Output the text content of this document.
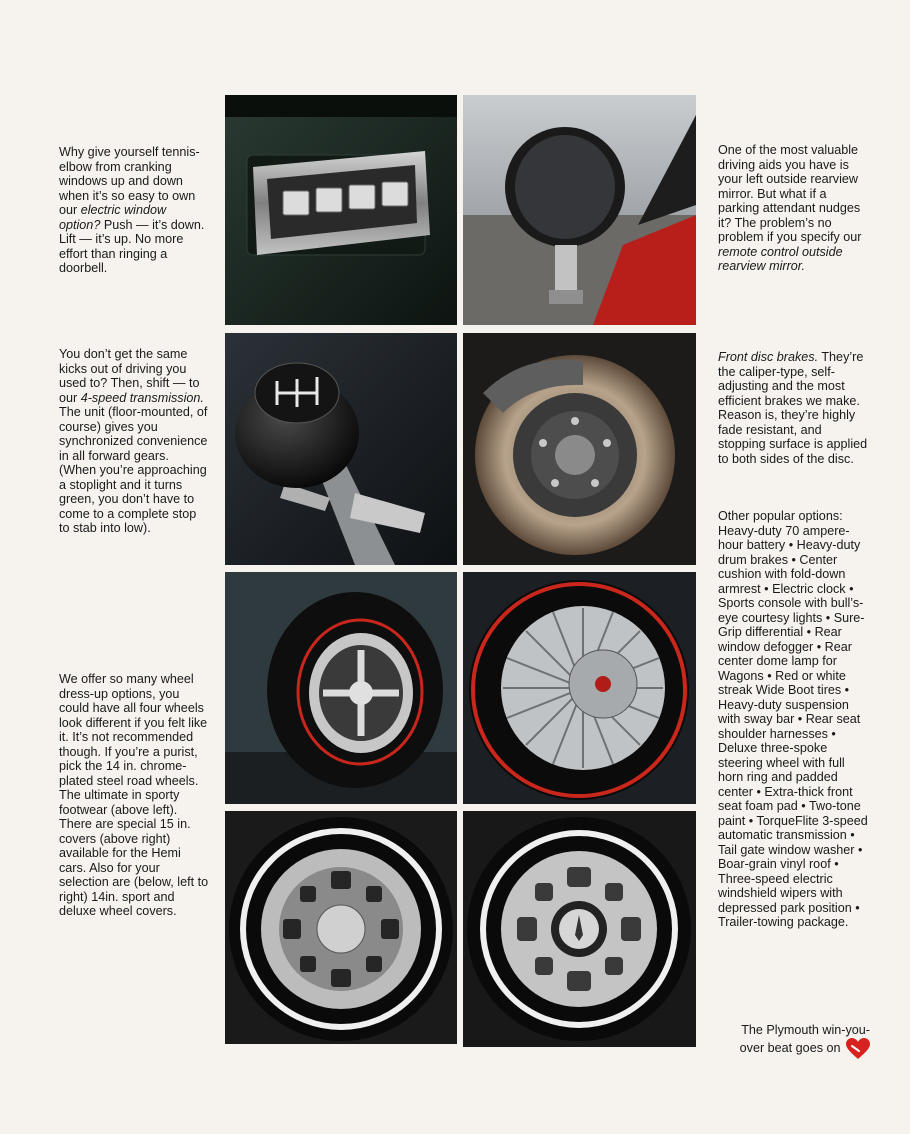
Why give yourself tennis-elbow from cranking windows up and down when it’s so easy to own our electric window option? Push — it’s down. Lift — it’s up. No more effort than ringing a doorbell.

You don’t get the same kicks out of driving you used to? Then, shift — to our 4-speed transmission. The unit (floor-mounted, of course) gives you synchronized convenience in all forward gears. (When you’re approaching a stoplight and it turns green, you don’t have to come to a complete stop to stab into low).

We offer so many wheel dress-up options, you could have all four wheels look different if you felt like it. It’s not recommended though. If you’re a purist, pick the 14 in. chrome-plated steel road wheels. The ultimate in sporty footwear (above left). There are special 15 in. covers (above right) available for the Hemi cars. Also for your selection are (below, left to right) 14in. sport and deluxe wheel covers.

One of the most valuable driving aids you have is your left outside rearview mirror. But what if a parking attendant nudges it? The problem’s no problem if you specify our remote control outside rearview mirror.

Front disc brakes. They’re the caliper-type, self-adjusting and the most efficient brakes we make. Reason is, they’re highly fade resistant, and stopping surface is applied to both sides of the disc.

Other popular options: Heavy-duty 70 ampere-hour battery • Heavy-duty drum brakes • Center cushion with fold-down armrest • Electric clock • Sports console with bull’s-eye courtesy lights • Sure-Grip differential • Rear window defogger • Rear center dome lamp for Wagons • Red or white streak Wide Boot tires • Heavy-duty suspension with sway bar • Rear seat shoulder harnesses • Deluxe three-spoke steering wheel with full horn ring and padded center • Extra-thick front seat foam pad • Two-tone paint • TorqueFlite 3-speed automatic transmission • Tail gate window washer • Boar-grain vinyl roof • Three-speed electric windshield wipers with depressed park position • Trailer-towing package.

The Plymouth win-you-over beat goes on
